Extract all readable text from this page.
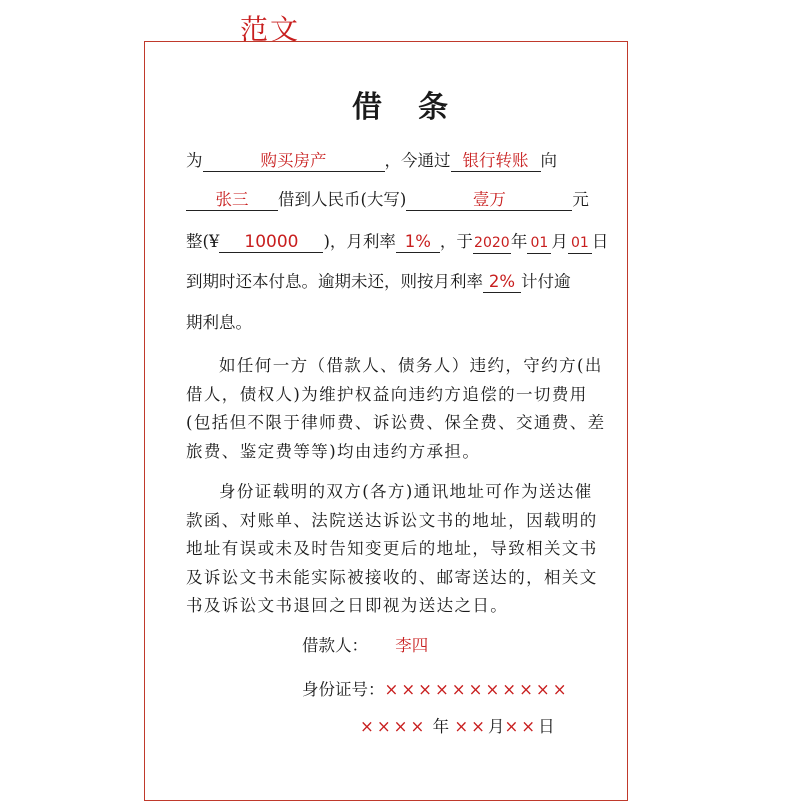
范文
借条
为	购买房产	，今通过 银行转账 向
张三 借到人民币(大写)	壹万	元
整(¥ 10000 )，月利率 1% ，于2020年 01 月 01 日
到期时还本付息。逾期未还，则按月利率 2% 计付逾
期利息。
如任何一方（借款人、债务人）违约，守约方(出借人，债权人)为维护权益向违约方追偿的一切费用(包括但不限于律师费、诉讼费、保全费、交通费、差旅费、鉴定费等等)均由违约方承担。
身份证载明的双方(各方)通讯地址可作为送达催款函、对账单、法院送达诉讼文书的地址，因载明的地址有误或未及时告知变更后的地址，导致相关文书及诉讼文书未能实际被接收的、邮寄送达的，相关文书及诉讼文书退回之日即视为送达之日。
借款人： 李四
身份证号：×××××××××××
×××× 年 ××月××日
